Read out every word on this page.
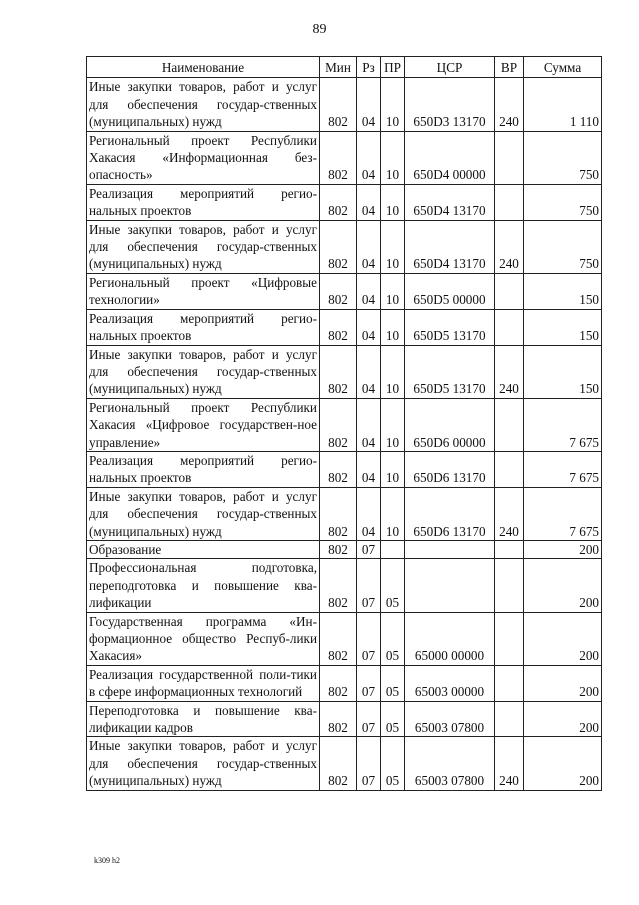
89
Наименование	Мин	Рз	ПР	ЦСР	ВР	Сумма
Иные закупки товаров, работ и услуг для обеспечения государ-ственных (муниципальных) нужд	802	04	10	650D3 13170	240	1 110
Региональный проект Республики Хакасия «Информационная без-опасность»	802	04	10	650D4 00000		750
Реализация мероприятий регио-нальных проектов	802	04	10	650D4 13170		750
Иные закупки товаров, работ и услуг для обеспечения государ-ственных (муниципальных) нужд	802	04	10	650D4 13170	240	750
Региональный проект «Цифровые технологии»	802	04	10	650D5 00000		150
Реализация мероприятий регио-нальных проектов	802	04	10	650D5 13170		150
Иные закупки товаров, работ и услуг для обеспечения государ-ственных (муниципальных) нужд	802	04	10	650D5 13170	240	150
Региональный проект Республики Хакасия «Цифровое государствен-ное управление»	802	04	10	650D6 00000		7 675
Реализация мероприятий регио-нальных проектов	802	04	10	650D6 13170		7 675
Иные закупки товаров, работ и услуг для обеспечения государ-ственных (муниципальных) нужд	802	04	10	650D6 13170	240	7 675
Образование	802	07				200
Профессиональная подготовка, переподготовка и повышение ква-лификации	802	07	05			200
Государственная программа «Ин-формационное общество Респуб-лики Хакасия»	802	07	05	65000 00000		200
Реализация государственной поли-тики в сфере информационных технологий	802	07	05	65003 00000		200
Переподготовка и повышение ква-лификации кадров	802	07	05	65003 07800		200
Иные закупки товаров, работ и услуг для обеспечения государ-ственных (муниципальных) нужд	802	07	05	65003 07800	240	200
k309 h2
